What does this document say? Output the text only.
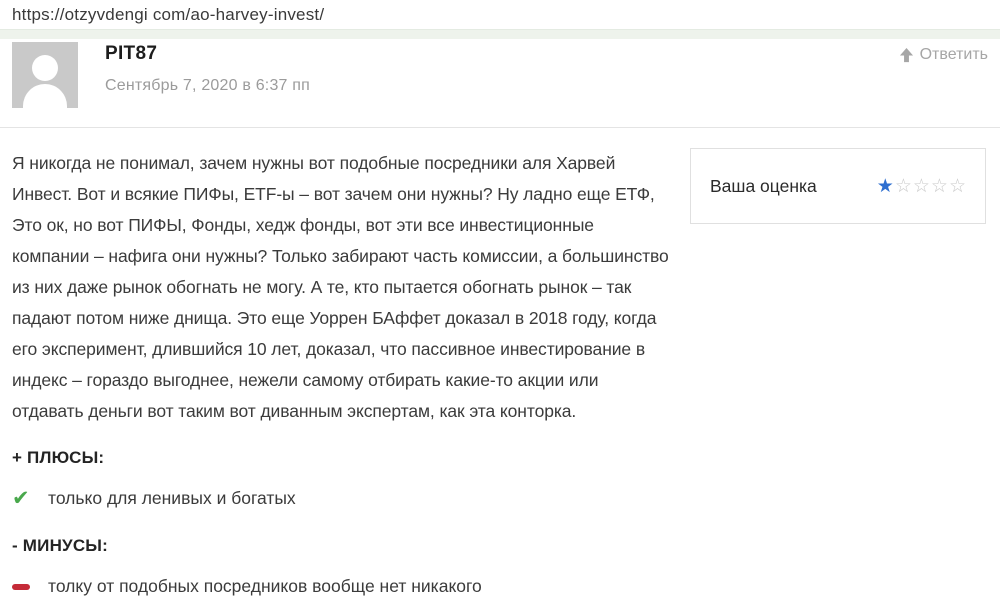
https://otzyvdengi com/ao-harvey-invest/
PIT87
Сентябрь 7, 2020 в 6:37 пп
Ответить
Я никогда не понимал, зачем нужны вот подобные посредники аля Харвей Инвест. Вот и всякие ПИФы, ETF-ы – вот зачем они нужны? Ну ладно еще ЕТФ, Это ок, но вот ПИФЫ, Фонды, хедж фонды, вот эти все инвестиционные компании – нафига они нужны? Только забирают часть комиссии, а большинство из них даже рынок обогнать не могу. А те, кто пытается обогнать рынок – так падают потом ниже днища. Это еще Уоррен БАффет доказал в 2018 году, когда его эксперимент, длившийся 10 лет, доказал, что пассивное инвестирование в индекс – гораздо выгоднее, нежели самому отбирать какие-то акции или отдавать деньги вот таким вот диванным экспертам, как эта конторка.
+ ПЛЮСЫ:
✔ только для ленивых и богатых
- МИНУСЫ:
толку от подобных посредников вообще нет никакого
Ваша оценка	★ ☆ ☆ ☆ ☆
